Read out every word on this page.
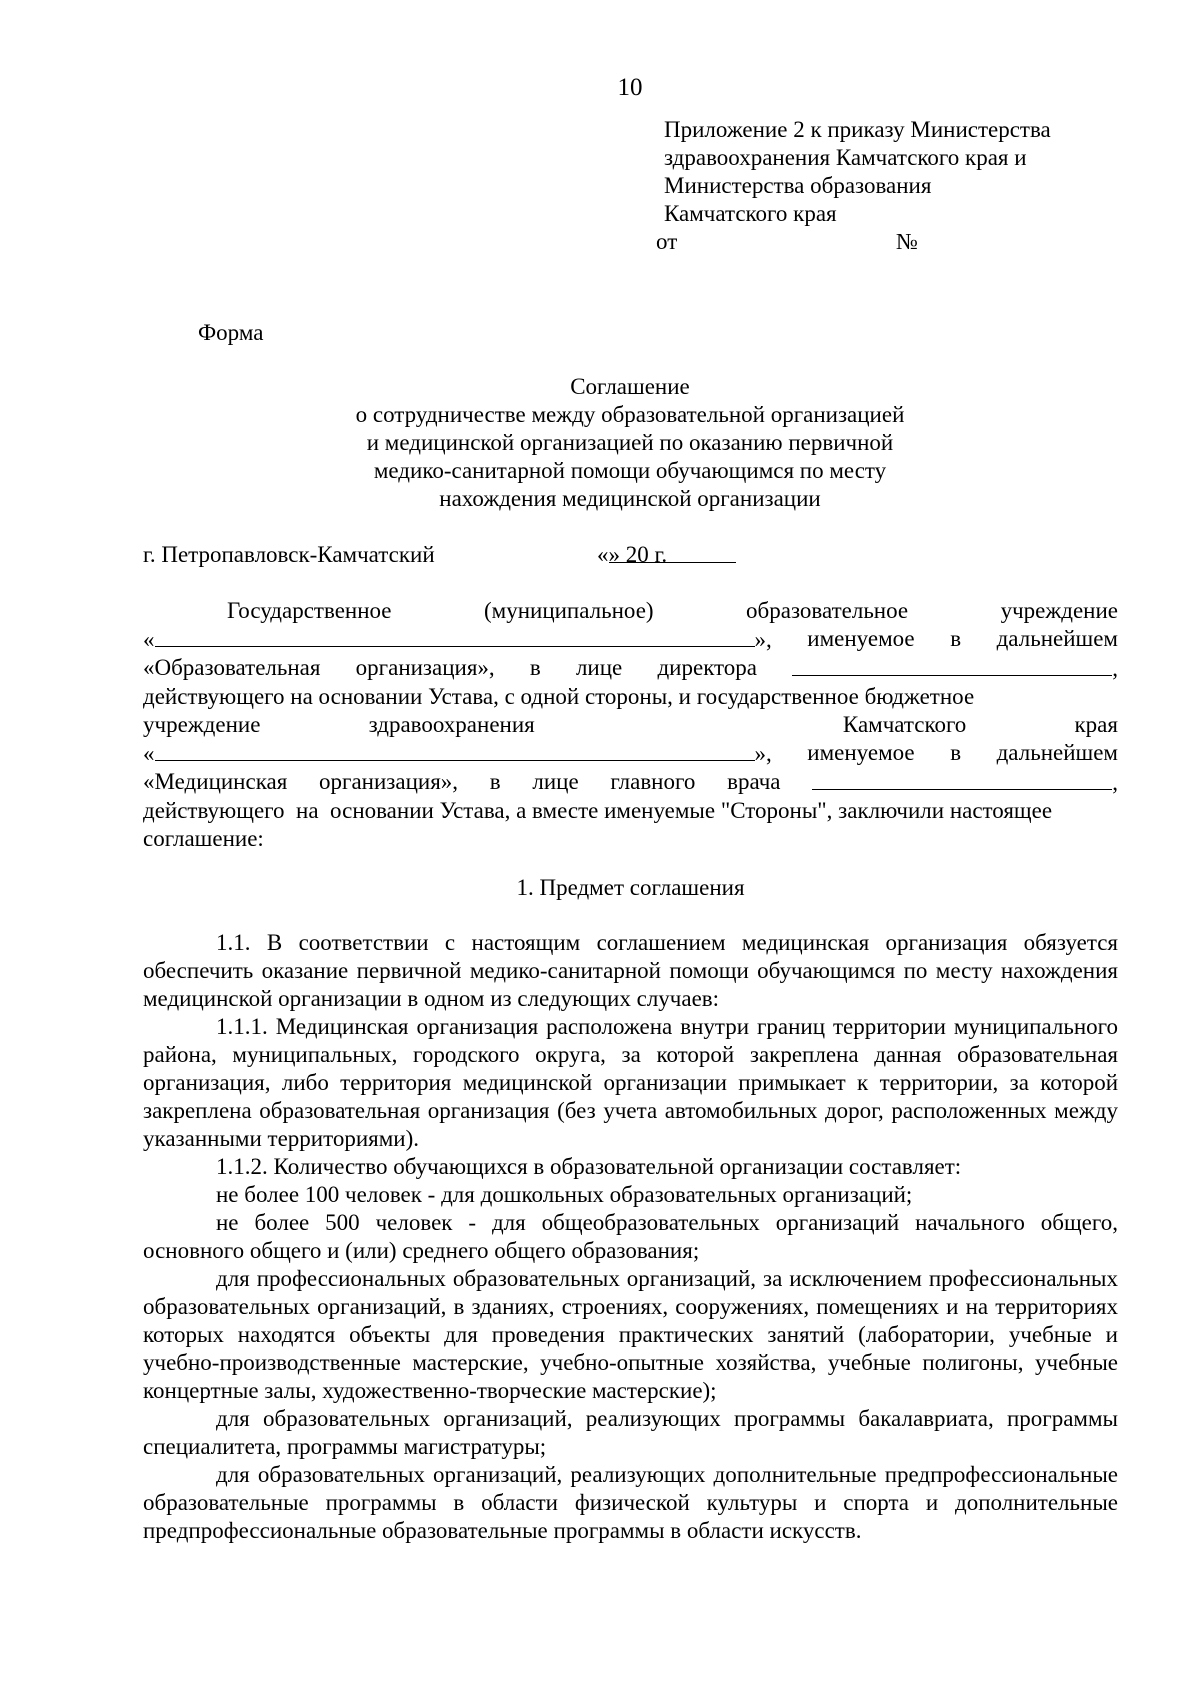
10
Приложение 2 к приказу Министерства
здравоохранения Камчатского края и
Министерства образования
Камчатского края
от	№
Форма
Соглашение
о сотрудничестве между образовательной организацией
и медицинской организацией по оказанию первичной
медико-санитарной помощи обучающимся по месту
нахождения медицинской организации
г. Петропавловск-Камчатский	«
» 20 г.
Государственное	(муниципальное)	образовательное	учреждение
«	», именуемое в дальнейшем
«Образовательная организация», в лице директора	,
действующего на основании Устава, с одной стороны, и государственное бюджетное
учреждение	здравоохранения	Камчатского	края
«	», именуемое в дальнейшем
«Медицинская организация», в лице главного врача	,
действующего  на  основании Устава, а вместе именуемые "Стороны", заключили настоящее
соглашение:
1. Предмет соглашения

1.1. В соответствии с настоящим соглашением медицинская организация обязуется обеспечить оказание первичной медико-санитарной помощи обучающимся по месту нахождения медицинской организации в одном из следующих случаев:

1.1.1. Медицинская организация расположена внутри границ территории муниципального района, муниципальных, городского округа, за которой закреплена данная образовательная организация, либо территория медицинской организации примыкает к территории, за которой закреплена образовательная организация (без учета автомобильных дорог, расположенных между указанными территориями).

1.1.2. Количество обучающихся в образовательной организации составляет:

не более 100 человек - для дошкольных образовательных организаций;

не более 500 человек - для общеобразовательных организаций начального общего, основного общего и (или) среднего общего образования;

для профессиональных образовательных организаций, за исключением профессиональных образовательных организаций, в зданиях, строениях, сооружениях, помещениях и на территориях которых находятся объекты для проведения практических занятий (лаборатории, учебные и учебно-производственные мастерские, учебно-опытные хозяйства, учебные полигоны, учебные концертные залы, художественно-творческие мастерские);

для образовательных организаций, реализующих программы бакалавриата, программы специалитета, программы магистратуры;

для образовательных организаций, реализующих дополнительные предпрофессиональные образовательные программы в области физической культуры и спорта и дополнительные предпрофессиональные образовательные программы в области искусств.
